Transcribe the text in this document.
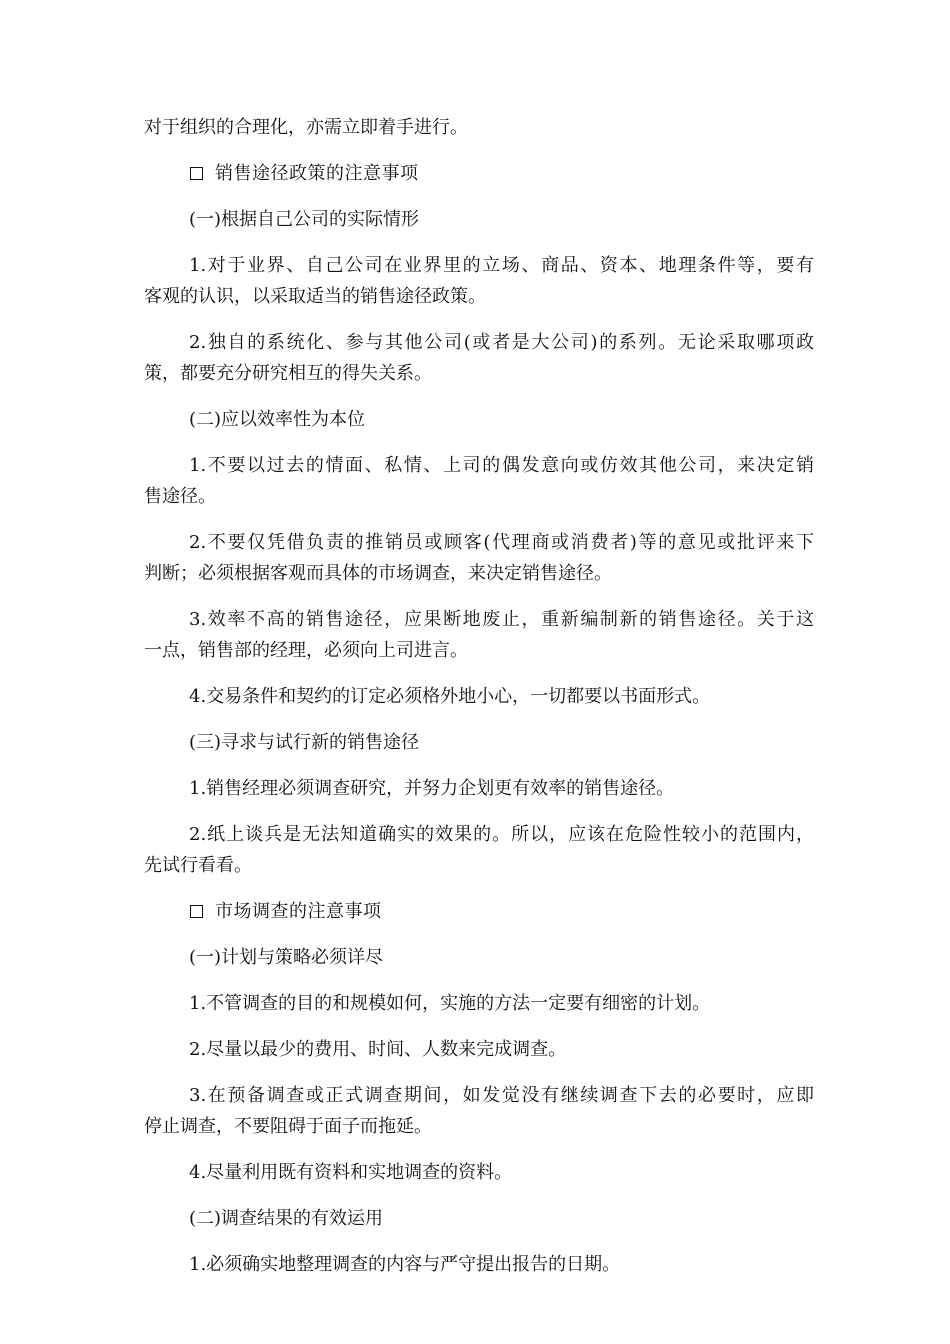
对于组织的合理化，亦需立即着手进行。

销售途径政策的注意事项

(一)根据自己公司的实际情形

1.对于业界、自己公司在业界里的立场、商品、资本、地理条件等，要有

客观的认识，以采取适当的销售途径政策。

2.独自的系统化、参与其他公司(或者是大公司)的系列。无论采取哪项政

策，都要充分研究相互的得失关系。

(二)应以效率性为本位

1.不要以过去的情面、私情、上司的偶发意向或仿效其他公司，来决定销

售途径。

2.不要仅凭借负责的推销员或顾客(代理商或消费者)等的意见或批评来下

判断；必须根据客观而具体的市场调查，来决定销售途径。

3.效率不高的销售途径，应果断地废止，重新编制新的销售途径。关于这

一点，销售部的经理，必须向上司进言。

4.交易条件和契约的订定必须格外地小心，一切都要以书面形式。

(三)寻求与试行新的销售途径

1.销售经理必须调查研究，并努力企划更有效率的销售途径。

2.纸上谈兵是无法知道确实的效果的。所以，应该在危险性较小的范围内，

先试行看看。

市场调查的注意事项

(一)计划与策略必须详尽

1.不管调查的目的和规模如何，实施的方法一定要有细密的计划。

2.尽量以最少的费用、时间、人数来完成调查。

3.在预备调查或正式调查期间，如发觉没有继续调查下去的必要时，应即

停止调查，不要阻碍于面子而拖延。

4.尽量利用既有资料和实地调查的资料。

(二)调查结果的有效运用

1.必须确实地整理调查的内容与严守提出报告的日期。
